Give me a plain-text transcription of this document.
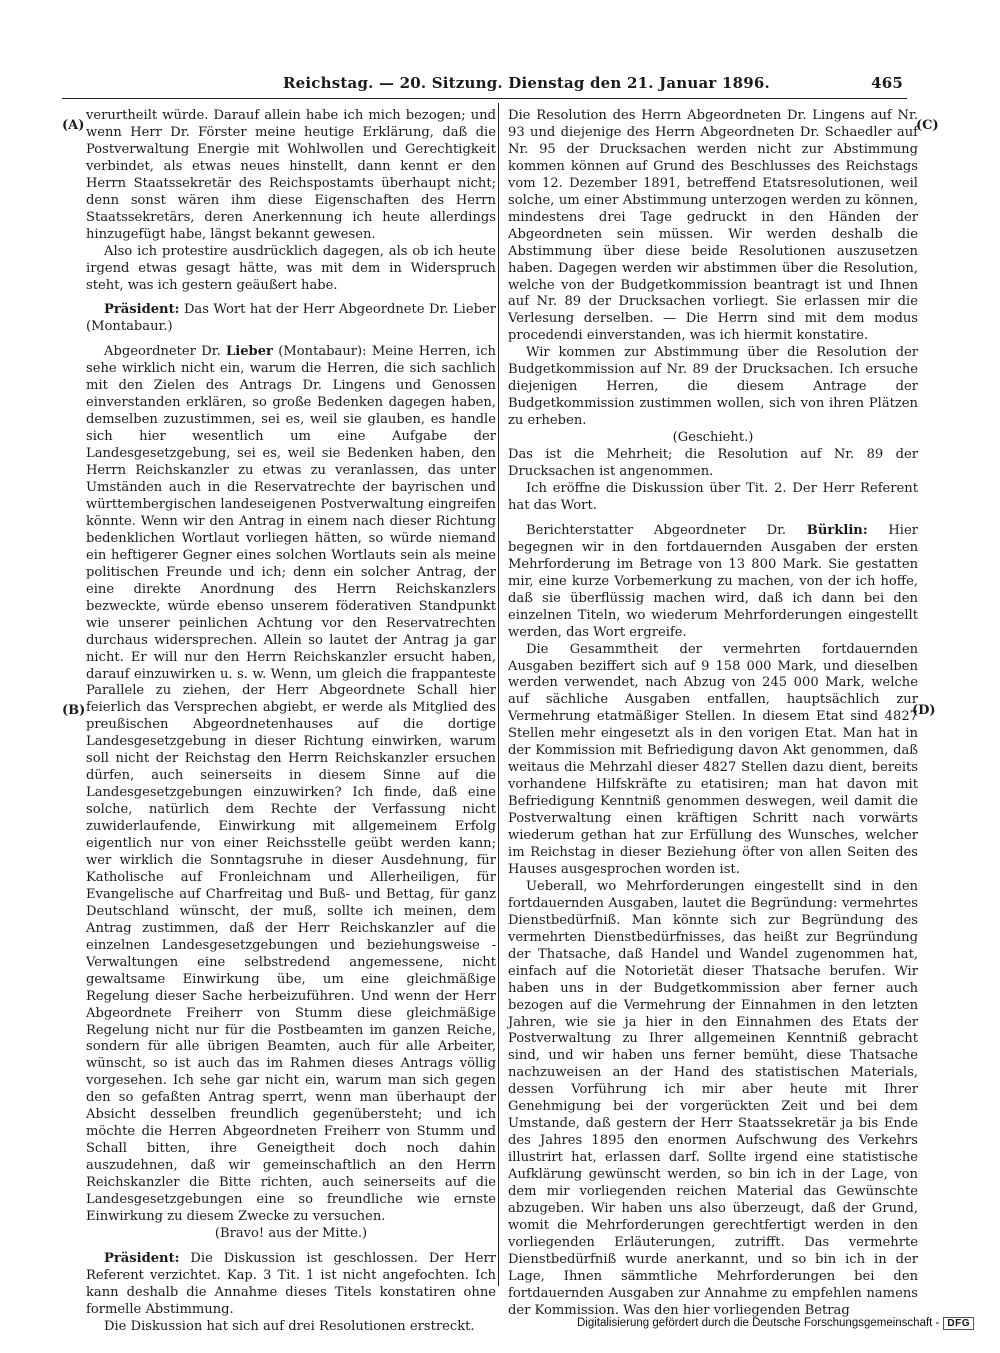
Reichstag. — 20. Sitzung. Dienstag den 21. Januar 1896.	465
(A)
(B)
(C)
(D)

verurtheilt würde. Darauf allein habe ich mich bezogen; und wenn Herr Dr. Förster meine heutige Erklärung, daß die Postverwaltung Energie mit Wohlwollen und Gerechtigkeit verbindet, als etwas neues hinstellt, dann kennt er den Herrn Staatssekretär des Reichspostamts überhaupt nicht; denn sonst wären ihm diese Eigenschaften des Herrn Staatssekretärs, deren Anerkennung ich heute allerdings hinzugefügt habe, längst bekannt gewesen.

Also ich protestire ausdrücklich dagegen, als ob ich heute irgend etwas gesagt hätte, was mit dem in Widerspruch steht, was ich gestern geäußert habe.

Präsident: Das Wort hat der Herr Abgeordnete Dr. Lieber (Montabaur.)

Abgeordneter Dr. Lieber (Montabaur): Meine Herren, ich sehe wirklich nicht ein, warum die Herren, die sich sachlich mit den Zielen des Antrags Dr. Lingens und Genossen einverstanden erklären, so große Bedenken dagegen haben, demselben zuzustimmen, sei es, weil sie glauben, es handle sich hier wesentlich um eine Aufgabe der Landesgesetzgebung, sei es, weil sie Bedenken haben, den Herrn Reichskanzler zu etwas zu veranlassen, das unter Umständen auch in die Reservatrechte der bayrischen und württembergischen landeseigenen Postverwaltung eingreifen könnte. Wenn wir den Antrag in einem nach dieser Richtung bedenklichen Wortlaut vorliegen hätten, so würde niemand ein heftigerer Gegner eines solchen Wortlauts sein als meine politischen Freunde und ich; denn ein solcher Antrag, der eine direkte Anordnung des Herrn Reichskanzlers bezweckte, würde ebenso unserem föderativen Standpunkt wie unserer peinlichen Achtung vor den Reservatrechten durchaus widersprechen. Allein so lautet der Antrag ja gar nicht. Er will nur den Herrn Reichskanzler ersucht haben, darauf einzuwirken u. s. w. Wenn, um gleich die frappanteste Parallele zu ziehen, der Herr Abgeordnete Schall hier feierlich das Versprechen abgiebt, er werde als Mitglied des preußischen Abgeordnetenhauses auf die dortige Landesgesetzgebung in dieser Richtung einwirken, warum soll nicht der Reichstag den Herrn Reichskanzler ersuchen dürfen, auch seinerseits in diesem Sinne auf die Landesgesetzgebungen einzuwirken? Ich finde, daß eine solche, natürlich dem Rechte der Verfassung nicht zuwiderlaufende, Einwirkung mit allgemeinem Erfolg eigentlich nur von einer Reichsstelle geübt werden kann; wer wirklich die Sonntagsruhe in dieser Ausdehnung, für Katholische auf Fronleichnam und Allerheiligen, für Evangelische auf Charfreitag und Buß- und Bettag, für ganz Deutschland wünscht, der muß, sollte ich meinen, dem Antrag zustimmen, daß der Herr Reichskanzler auf die einzelnen Landesgesetzgebungen und beziehungsweise -Verwaltungen eine selbstredend angemessene, nicht gewaltsame Einwirkung übe, um eine gleichmäßige Regelung dieser Sache herbeizuführen. Und wenn der Herr Abgeordnete Freiherr von Stumm diese gleichmäßige Regelung nicht nur für die Postbeamten im ganzen Reiche, sondern für alle übrigen Beamten, auch für alle Arbeiter, wünscht, so ist auch das im Rahmen dieses Antrags völlig vorgesehen. Ich sehe gar nicht ein, warum man sich gegen den so gefaßten Antrag sperrt, wenn man überhaupt der Absicht desselben freundlich gegenübersteht; und ich möchte die Herren Abgeordneten Freiherr von Stumm und Schall bitten, ihre Geneigtheit doch noch dahin auszudehnen, daß wir gemeinschaftlich an den Herrn Reichskanzler die Bitte richten, auch seinerseits auf die Landesgesetzgebungen eine so freundliche wie ernste Einwirkung zu diesem Zwecke zu versuchen.

(Bravo! aus der Mitte.)

Präsident: Die Diskussion ist geschlossen. Der Herr Referent verzichtet. Kap. 3 Tit. 1 ist nicht angefochten. Ich kann deshalb die Annahme dieses Titels konstatiren ohne formelle Abstimmung.

Die Diskussion hat sich auf drei Resolutionen erstreckt.

Die Resolution des Herrn Abgeordneten Dr. Lingens auf Nr. 93 und diejenige des Herrn Abgeordneten Dr. Schaedler auf Nr. 95 der Drucksachen werden nicht zur Abstimmung kommen können auf Grund des Beschlusses des Reichstags vom 12. Dezember 1891, betreffend Etatsresolutionen, weil solche, um einer Abstimmung unterzogen werden zu können, mindestens drei Tage gedruckt in den Händen der Abgeordneten sein müssen. Wir werden deshalb die Abstimmung über diese beide Resolutionen auszusetzen haben. Dagegen werden wir abstimmen über die Resolution, welche von der Budgetkommission beantragt ist und Ihnen auf Nr. 89 der Drucksachen vorliegt. Sie erlassen mir die Verlesung derselben. — Die Herrn sind mit dem modus procedendi einverstanden, was ich hiermit konstatire.

Wir kommen zur Abstimmung über die Resolution der Budgetkommission auf Nr. 89 der Drucksachen. Ich ersuche diejenigen Herren, die diesem Antrage der Budgetkommission zustimmen wollen, sich von ihren Plätzen zu erheben.

(Geschieht.)

Das ist die Mehrheit; die Resolution auf Nr. 89 der Drucksachen ist angenommen.

Ich eröffne die Diskussion über Tit. 2. Der Herr Referent hat das Wort.

Berichterstatter Abgeordneter Dr. Bürklin: Hier begegnen wir in den fortdauernden Ausgaben der ersten Mehrforderung im Betrage von 13 800 Mark. Sie gestatten mir, eine kurze Vorbemerkung zu machen, von der ich hoffe, daß sie überflüssig machen wird, daß ich dann bei den einzelnen Titeln, wo wiederum Mehrforderungen eingestellt werden, das Wort ergreife.

Die Gesammtheit der vermehrten fortdauernden Ausgaben beziffert sich auf 9 158 000 Mark, und dieselben werden verwendet, nach Abzug von 245 000 Mark, welche auf sächliche Ausgaben entfallen, hauptsächlich zur Vermehrung etatmäßiger Stellen. In diesem Etat sind 4827 Stellen mehr eingesetzt als in den vorigen Etat. Man hat in der Kommission mit Befriedigung davon Akt genommen, daß weitaus die Mehrzahl dieser 4827 Stellen dazu dient, bereits vorhandene Hilfskräfte zu etatisiren; man hat davon mit Befriedigung Kenntniß genommen deswegen, weil damit die Postverwaltung einen kräftigen Schritt nach vorwärts wiederum gethan hat zur Erfüllung des Wunsches, welcher im Reichstag in dieser Beziehung öfter von allen Seiten des Hauses ausgesprochen worden ist.

Ueberall, wo Mehrforderungen eingestellt sind in den fortdauernden Ausgaben, lautet die Begründung: vermehrtes Dienstbedürfniß. Man könnte sich zur Begründung des vermehrten Dienstbedürfnisses, das heißt zur Begründung der Thatsache, daß Handel und Wandel zugenommen hat, einfach auf die Notorietät dieser Thatsache berufen. Wir haben uns in der Budgetkommission aber ferner auch bezogen auf die Vermehrung der Einnahmen in den letzten Jahren, wie sie ja hier in den Einnahmen des Etats der Postverwaltung zu Ihrer allgemeinen Kenntniß gebracht sind, und wir haben uns ferner bemüht, diese Thatsache nachzuweisen an der Hand des statistischen Materials, dessen Vorführung ich mir aber heute mit Ihrer Genehmigung bei der vorgerückten Zeit und bei dem Umstande, daß gestern der Herr Staatssekretär ja bis Ende des Jahres 1895 den enormen Aufschwung des Verkehrs illustrirt hat, erlassen darf. Sollte irgend eine statistische Aufklärung gewünscht werden, so bin ich in der Lage, von dem mir vorliegenden reichen Material das Gewünschte abzugeben. Wir haben uns also überzeugt, daß der Grund, womit die Mehrforderungen gerechtfertigt werden in den vorliegenden Erläuterungen, zutrifft. Das vermehrte Dienstbedürfniß wurde anerkannt, und so bin ich in der Lage, Ihnen sämmtliche Mehrforderungen bei den fortdauernden Ausgaben zur Annahme zu empfehlen namens der Kommission. Was den hier vorliegenden Betrag

Digitalisierung gefördert durch die Deutsche Forschungsgemeinschaft - DFG
